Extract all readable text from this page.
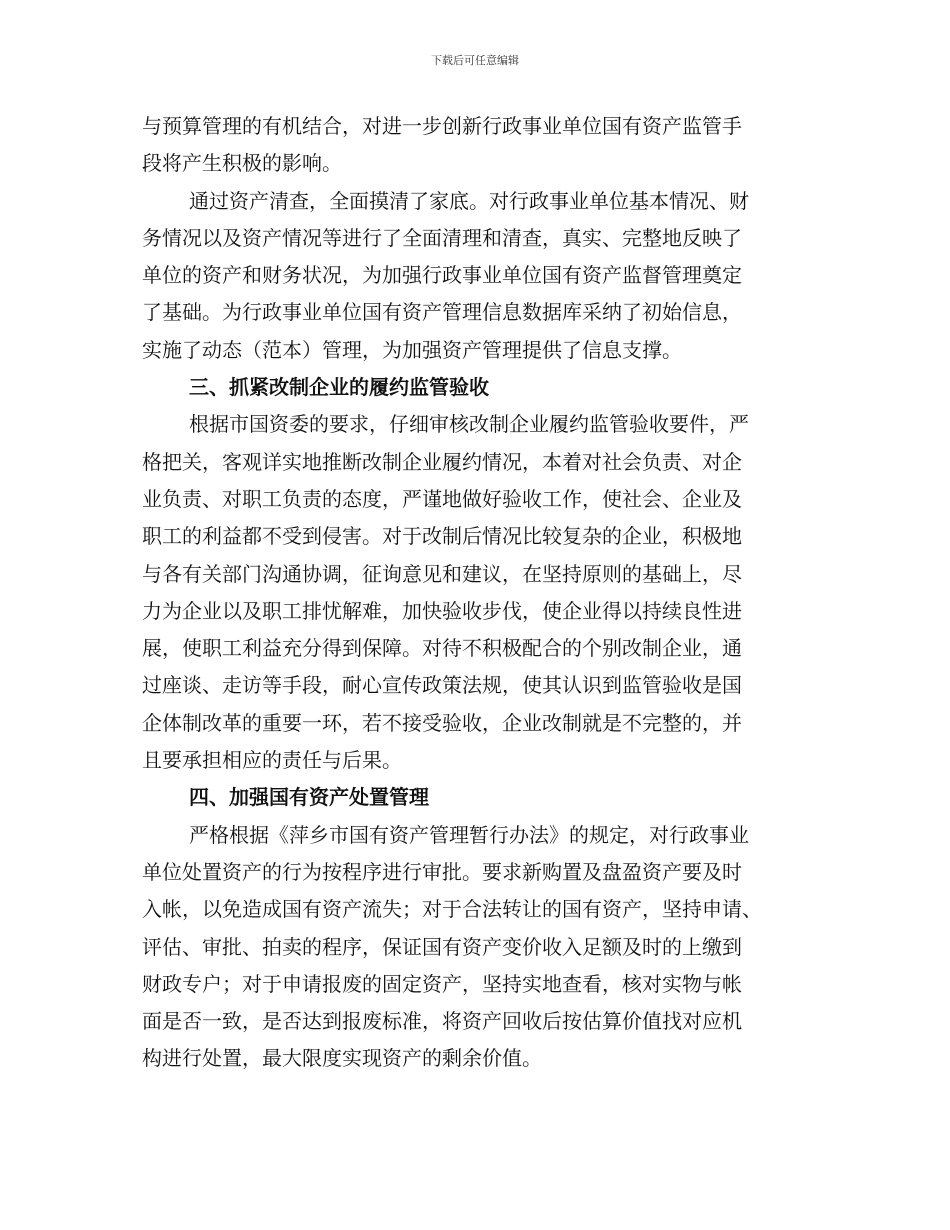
下载后可任意编辑
与预算管理的有机结合，对进一步创新行政事业单位国有资产监管手
段将产生积极的影响。
通过资产清查，全面摸清了家底。对行政事业单位基本情况、财
务情况以及资产情况等进行了全面清理和清查，真实、完整地反映了
单位的资产和财务状况，为加强行政事业单位国有资产监督管理奠定
了基础。为行政事业单位国有资产管理信息数据库采纳了初始信息，
实施了动态（范本）管理，为加强资产管理提供了信息支撑。
三、抓紧改制企业的履约监管验收
根据市国资委的要求，仔细审核改制企业履约监管验收要件，严
格把关，客观详实地推断改制企业履约情况，本着对社会负责、对企
业负责、对职工负责的态度，严谨地做好验收工作，使社会、企业及
职工的利益都不受到侵害。对于改制后情况比较复杂的企业，积极地
与各有关部门沟通协调，征询意见和建议，在坚持原则的基础上，尽
力为企业以及职工排忧解难，加快验收步伐，使企业得以持续良性进
展，使职工利益充分得到保障。对待不积极配合的个别改制企业，通
过座谈、走访等手段，耐心宣传政策法规，使其认识到监管验收是国
企体制改革的重要一环，若不接受验收，企业改制就是不完整的，并
且要承担相应的责任与后果。
四、加强国有资产处置管理
严格根据《萍乡市国有资产管理暂行办法》的规定，对行政事业
单位处置资产的行为按程序进行审批。要求新购置及盘盈资产要及时
入帐，以免造成国有资产流失；对于合法转让的国有资产，坚持申请、
评估、审批、拍卖的程序，保证国有资产变价收入足额及时的上缴到
财政专户；对于申请报废的固定资产，坚持实地查看，核对实物与帐
面是否一致，是否达到报废标准，将资产回收后按估算价值找对应机
构进行处置，最大限度实现资产的剩余价值。
